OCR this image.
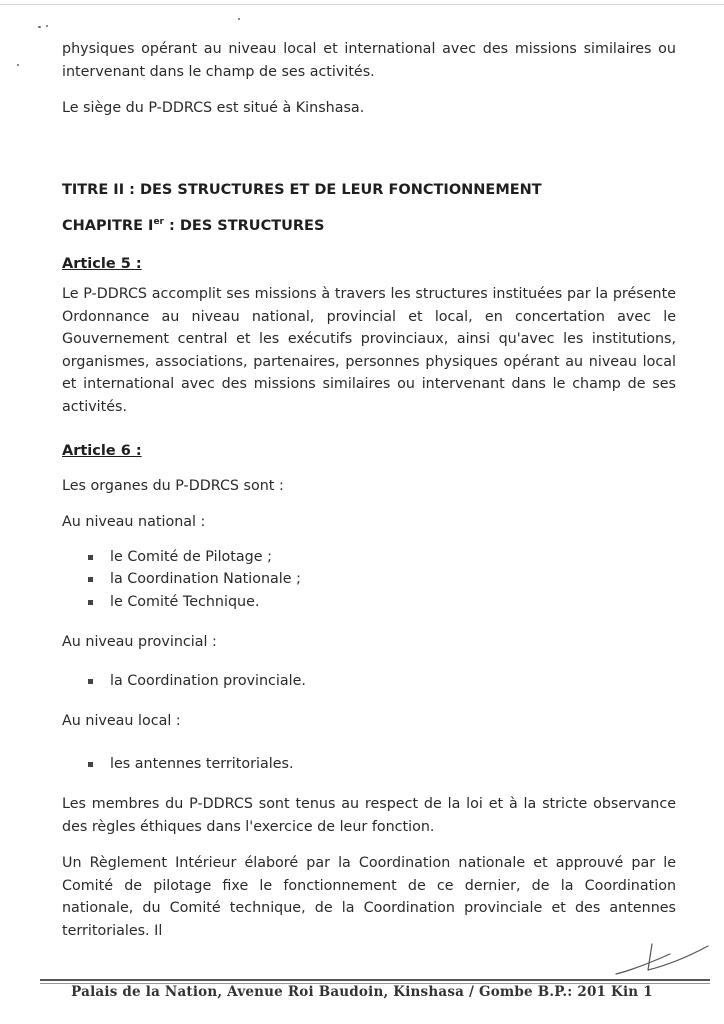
physiques opérant au niveau local et international avec des missions similaires ou

intervenant dans le champ de ses activités.

Le siège du P-DDRCS est situé à Kinshasa.

TITRE II : DES STRUCTURES ET DE LEUR FONCTIONNEMENT

CHAPITRE Ier : DES STRUCTURES

Article 5 :

Le P-DDRCS accomplit ses missions à travers les structures instituées par la présente Ordonnance au niveau national, provincial et local, en concertation avec le Gouvernement central et les exécutifs provinciaux, ainsi qu'avec les institutions, organismes, associations, partenaires, personnes physiques opérant au niveau local et international avec des missions similaires ou intervenant dans le champ de ses activités.

Article 6 :

Les organes du P-DDRCS sont :

Au niveau national :

le Comité de Pilotage ;
la Coordination Nationale ;
le Comité Technique.

Au niveau provincial :

la Coordination provinciale.

Au niveau local :

les antennes territoriales.

Les membres du P-DDRCS sont tenus au respect de la loi et à la stricte observance des règles éthiques dans l'exercice de leur fonction.

Un Règlement Intérieur élaboré par la Coordination nationale et approuvé par le Comité de pilotage fixe le fonctionnement de ce dernier, de la Coordination nationale, du Comité technique, de la Coordination provinciale et des antennes territoriales. Il

Palais de la Nation, Avenue Roi Baudoin, Kinshasa / Gombe B.P.: 201 Kin 1
